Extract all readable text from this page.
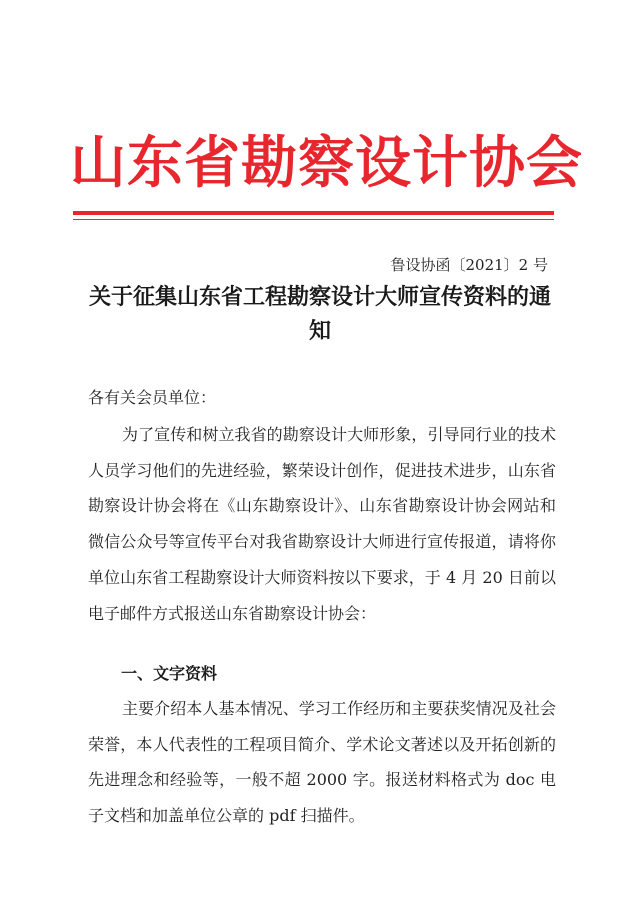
山东省勘察设计协会
鲁设协函〔2021〕2 号
关于征集山东省工程勘察设计大师宣传资料的通知
各有关会员单位：
为了宣传和树立我省的勘察设计大师形象，引导同行业的技术人员学习他们的先进经验，繁荣设计创作，促进技术进步，山东省勘察设计协会将在《山东勘察设计》、山东省勘察设计协会网站和微信公众号等宣传平台对我省勘察设计大师进行宣传报道，请将你单位山东省工程勘察设计大师资料按以下要求，于 4 月 20 日前以电子邮件方式报送山东省勘察设计协会：
一、文字资料
主要介绍本人基本情况、学习工作经历和主要获奖情况及社会荣誉，本人代表性的工程项目简介、学术论文著述以及开拓创新的先进理念和经验等，一般不超 2000 字。报送材料格式为 doc 电子文档和加盖单位公章的 pdf 扫描件。
